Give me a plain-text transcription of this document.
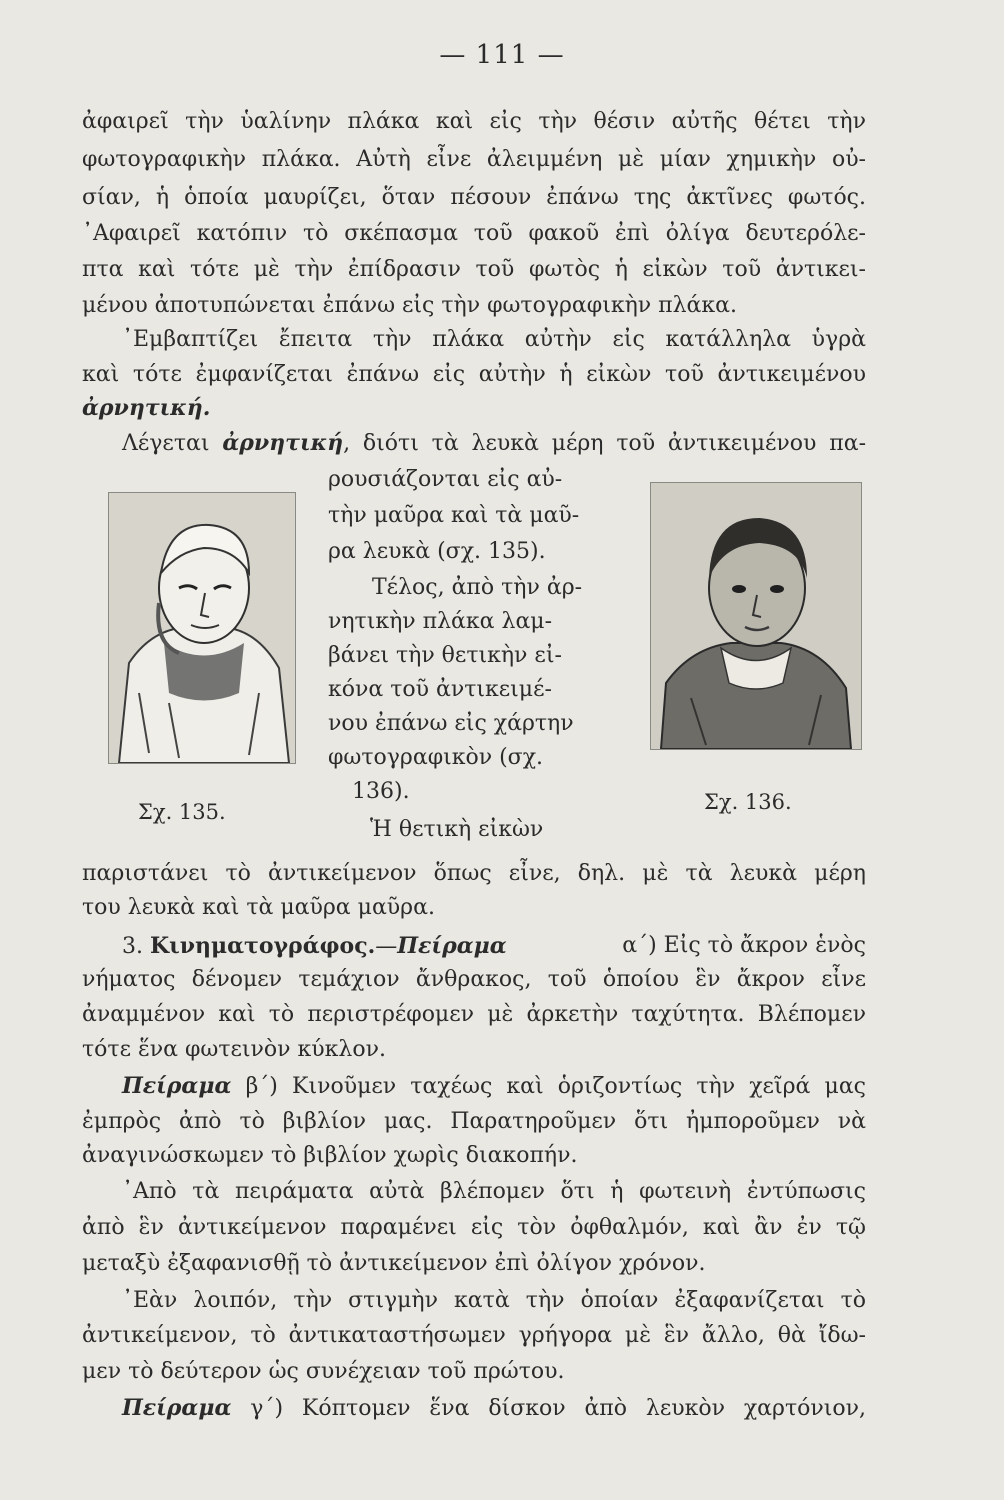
— 111 —
ἀφαιρεῖ τὴν ὑαλίνην πλάκα καὶ εἰς τὴν θέσιν αὐτῆς θέτει τὴν
φωτογραφικὴν πλάκα. Αὐτὴ εἶνε ἀλειμμένη μὲ μίαν χημικὴν οὐ-
σίαν, ἡ ὁποία μαυρίζει, ὅταν πέσουν ἐπάνω της ἀκτῖνες φωτός.
᾿Αφαιρεῖ κατόπιν τὸ σκέπασμα τοῦ φακοῦ ἐπὶ ὀλίγα δευτερόλε-
πτα καὶ τότε μὲ τὴν ἐπίδρασιν τοῦ φωτὸς ἡ εἰκὼν τοῦ ἀντικει-
μένου ἀποτυπώνεται ἐπάνω εἰς τὴν φωτογραφικὴν πλάκα.
᾿Εμβαπτίζει ἔπειτα τὴν πλάκα αὐτὴν εἰς κατάλληλα ὑγρὰ
καὶ τότε ἐμφανίζεται ἐπάνω εἰς αὐτὴν ἡ εἰκὼν τοῦ ἀντικειμένου
ἀρνητική.
Λέγεται ἀρνητική, διότι τὰ λευκὰ μέρη τοῦ ἀντικειμένου πα-
Σχ. 135.
ρουσιάζονται εἰς αὐ-
τὴν μαῦρα καὶ τὰ μαῦ-
ρα λευκὰ (σχ. 135).
Τέλος, ἀπὸ τὴν ἀρ-
νητικὴν πλάκα λαμ-
βάνει τὴν θετικὴν εἰ-
κόνα τοῦ ἀντικειμέ-
νου ἐπάνω εἰς χάρτην
φωτογραφικὸν (σχ.
136).
Ἡ θετικὴ εἰκὼν
Σχ. 136.
παριστάνει τὸ ἀντικείμενον ὅπως εἶνε, δηλ. μὲ τὰ λευκὰ μέρη
του λευκὰ καὶ τὰ μαῦρα μαῦρα.
3. Κινηματογράφος.—Πείραμα	α΄) Εἰς τὸ ἄκρον ἑνὸς
νήματος δένομεν τεμάχιον ἄνθρακος, τοῦ ὁποίου ἓν ἄκρον εἶνε
ἀναμμένον καὶ τὸ περιστρέφομεν μὲ ἀρκετὴν ταχύτητα. Βλέπομεν
τότε ἕνα φωτεινὸν κύκλον.
Πείραμα β΄) Κινοῦμεν ταχέως καὶ ὁριζοντίως τὴν χεῖρά μας
ἐμπρὸς ἀπὸ τὸ βιβλίον μας. Παρατηροῦμεν ὅτι ἠμποροῦμεν νὰ
ἀναγινώσκωμεν τὸ βιβλίον χωρὶς διακοπήν.
᾿Απὸ τὰ πειράματα αὐτὰ βλέπομεν ὅτι ἡ φωτεινὴ ἐντύπωσις
ἀπὸ ἓν ἀντικείμενον παραμένει εἰς τὸν ὀφθαλμόν, καὶ ἂν ἐν τῷ
μεταξὺ ἐξαφανισθῇ τὸ ἀντικείμενον ἐπὶ ὀλίγον χρόνον.
᾿Εὰν λοιπόν, τὴν στιγμὴν κατὰ τὴν ὁποίαν ἐξαφανίζεται τὸ
ἀντικείμενον, τὸ ἀντικαταστήσωμεν γρήγορα μὲ ἓν ἄλλο, θὰ ἴδω-
μεν τὸ δεύτερον ὡς συνέχειαν τοῦ πρώτου.
Πείραμα γ΄) Κόπτομεν ἕνα δίσκον ἀπὸ λευκὸν χαρτόνιον,
